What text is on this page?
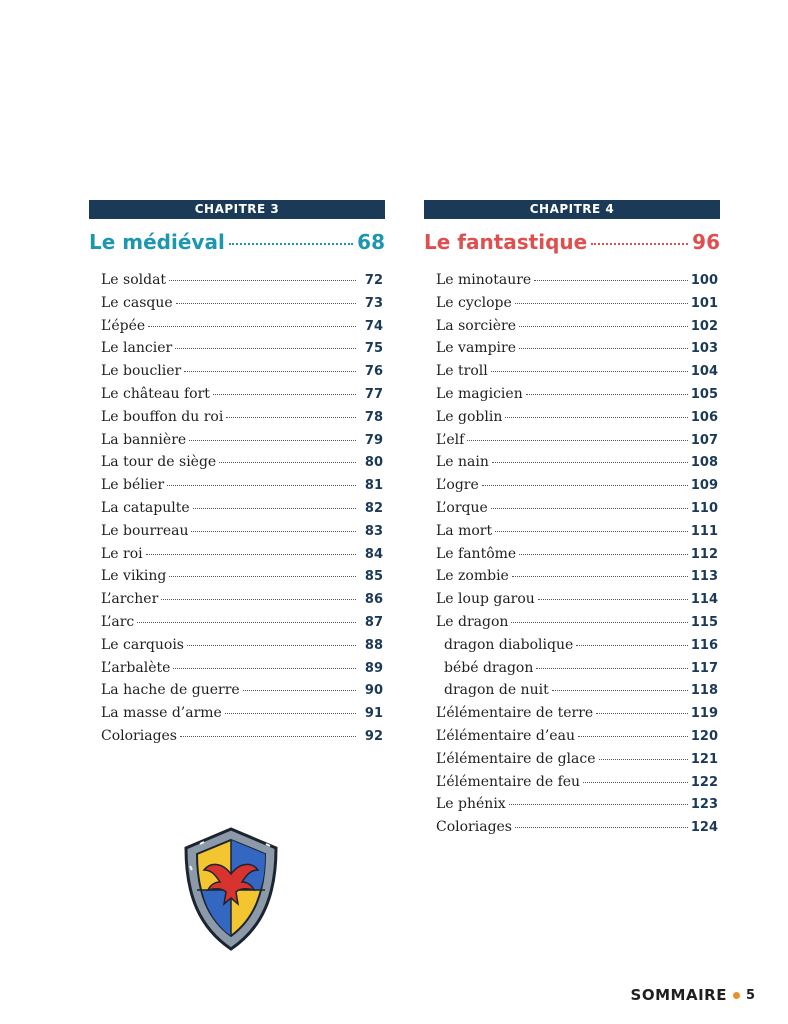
CHAPITRE 3
Le médiéval	68
Le soldat	72
Le casque	73
L’épée	74
Le lancier	75
Le bouclier	76
Le château fort	77
Le bouffon du roi	78
La bannière	79
La tour de siège	80
Le bélier	81
La catapulte	82
Le bourreau	83
Le roi	84
Le viking	85
L’archer	86
L’arc	87
Le carquois	88
L’arbalète	89
La hache de guerre	90
La masse d’arme	91
Coloriages	92
CHAPITRE 4
Le fantastique	96
Le minotaure	100
Le cyclope	101
La sorcière	102
Le vampire	103
Le troll	104
Le magicien	105
Le goblin	106
L’elf	107
Le nain	108
L’ogre	109
L’orque	110
La mort	111
Le fantôme	112
Le zombie	113
Le loup garou	114
Le dragon	115
dragon diabolique	116
bébé dragon	117
dragon de nuit	118
L’élémentaire de terre	119
L’élémentaire d’eau	120
L’élémentaire de glace	121
L’élémentaire de feu	122
Le phénix	123
Coloriages	124
SOMMAIRE 5
